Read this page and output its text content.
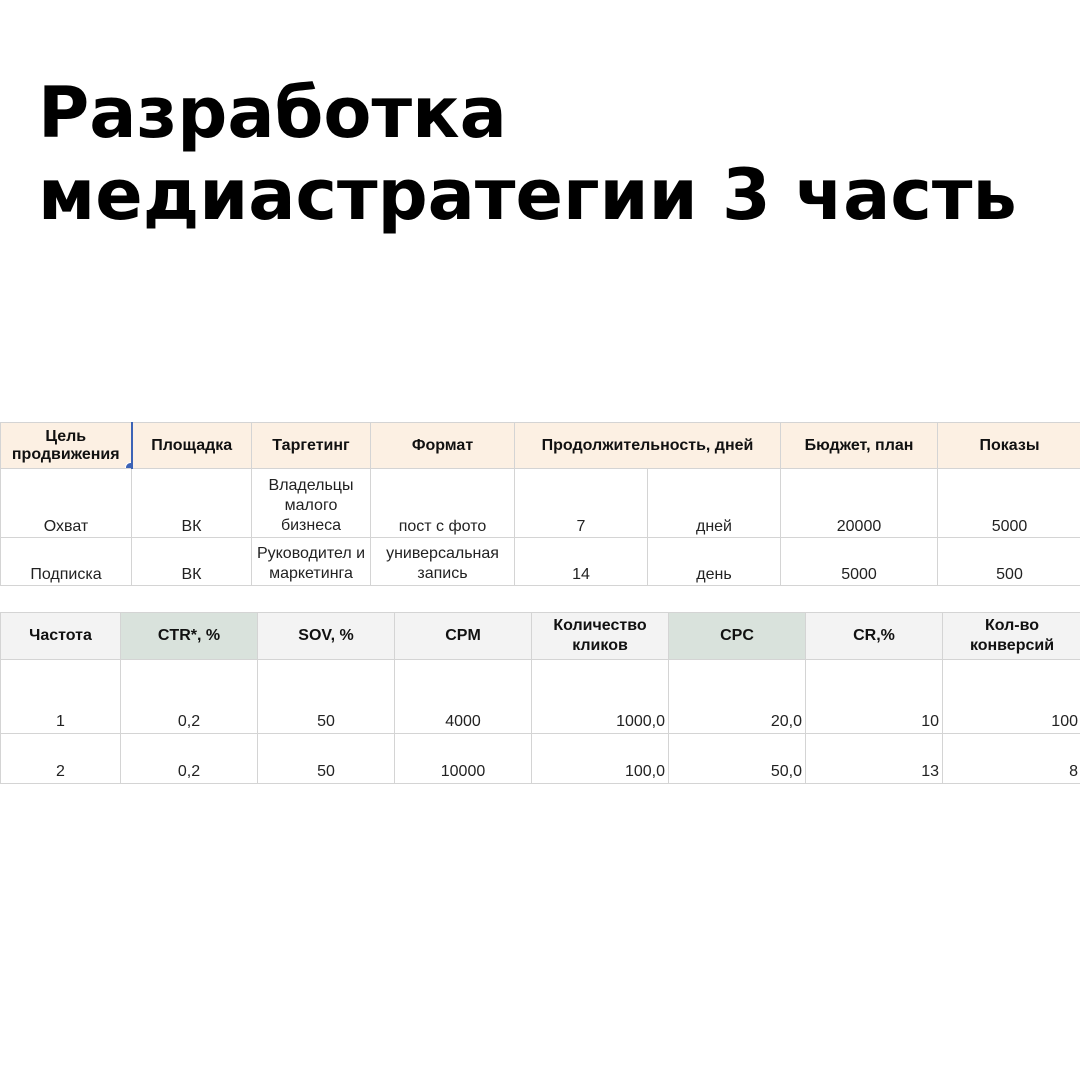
Разработка
медиастратегии 3 часть
Цель продвижения	Площадка	Таргетинг	Формат	Продолжительность, дней		Бюджет, план	Показы
Охват	ВК	Владельцы малого бизнеса	пост с фото	7	дней	20000	5000
Подписка	ВК	Руководител и маркетинга	универсальная запись	14	день	5000	500
Частота	CTR*, %	SOV, %	CPM	Количество кликов	CPC	CR,%	Кол-во конверсий
1	0,2	50	4000	1000,0	20,0	10	100
2	0,2	50	10000	100,0	50,0	13	8
